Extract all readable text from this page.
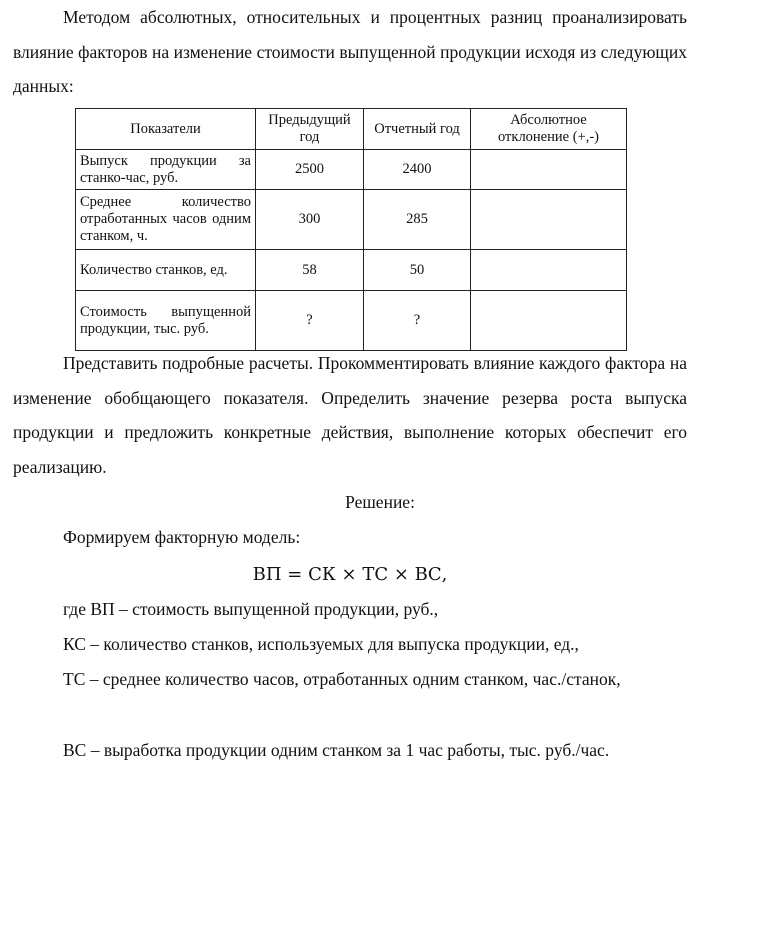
Методом абсолютных, относительных и процентных разниц проанализировать влияние факторов на изменение стоимости выпущенной продукции исходя из следующих данных:
Показатели	Предыдущий год	Отчетный год	Абсолютное отклонение (+,-)
Выпуск продукции за станко-час, руб.	2500	2400	
Среднее количество отработанных часов одним станком, ч.	300	285	
Количество станков, ед.	58	50	
Стоимость выпущенной продукции, тыс. руб.	?	?	
Представить подробные расчеты. Прокомментировать влияние каждого фактора на изменение обобщающего показателя. Определить значение резерва роста выпуска продукции и предложить конкретные действия, выполнение которых обеспечит его реализацию.
Решение:
Формируем факторную модель:
ВП = СК × ТС × ВС,
где ВП – стоимость выпущенной продукции, руб.,
КС – количество станков, используемых для выпуска продукции, ед.,
ТС – среднее количество часов, отработанных одним станком, час./станок,
ВС – выработка продукции одним станком за 1 час работы, тыс. руб./час.
